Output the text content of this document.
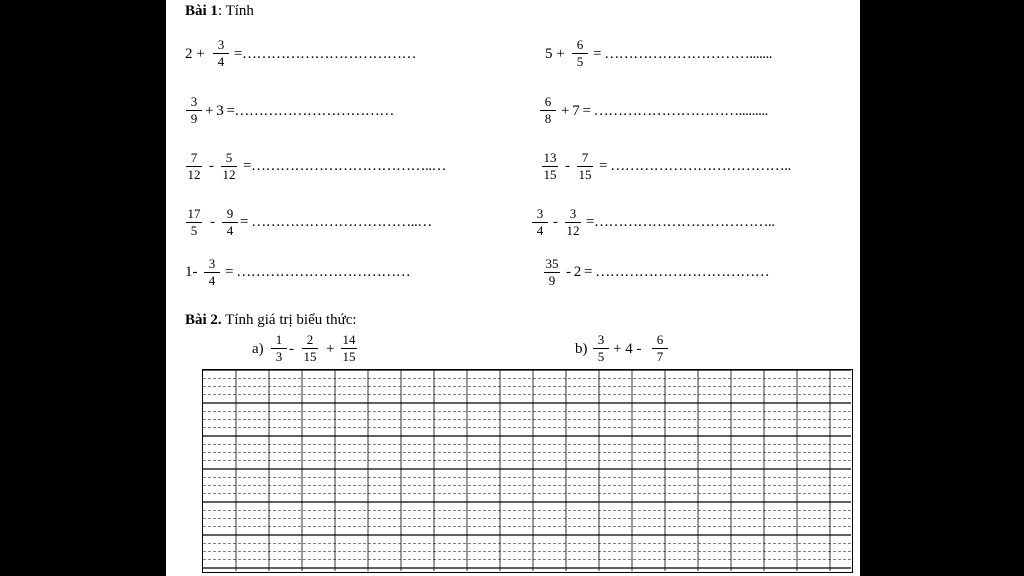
Bài 1: Tính
2 +
3
4 =………………………………	5 +
6
5 = ………………………….......
3
9 + 3 =……………………………
6
8 + 7 = ………………………….........
7
12
-
5
12
=………………………………..…
13
15
-
7
15
= ………………………………..
17
5
-
9
4
= ……………………………..…
3
4
-
3
12
=………………………………..
1-
3
4
= ………………………………
35
9
- 2 = ………………………………
Bài 2. Tính giá trị biểu thức:
a)
1
3 -
2
15 +
14
15	b)
3
5 + 4 -
6
7
